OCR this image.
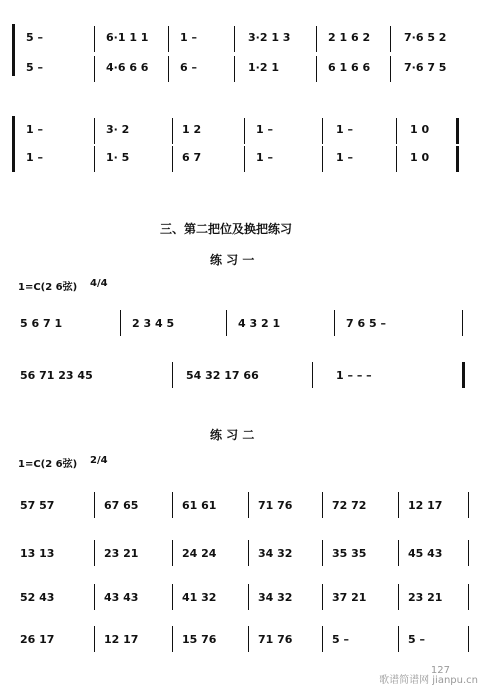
5 –	6·1 1 1	1 –	3·2 1 3	2 1 6 2	7·6 5 2
5 –	4·6 6 6	6 –	1·2 1	6 1 6 6	7·6 7 5
1 –	3· 2	1 2	1 –	1 –	1 0
1 –	1· 5	6 7	1 –	1 –	1 0
三、第二把位及换把练习
练 习 一
1=C(2 6弦) 4/4
5 6 7 1	2 3 4 5	4 3 2 1	7 6 5 –
56 71 23 45	54 32 17 66	1 – – –
练 习 二
1=C(2 6弦) 2/4
57 57	67 65	61 61	71 76	72 72	12 17
13 13	23 21	24 24	34 32	35 35	45 43
52 43	43 43	41 32	34 32	37 21	23 21
26 17	12 17	15 76	71 76	5 –	5 –
歌谱简谱网 jianpu.cn
127
